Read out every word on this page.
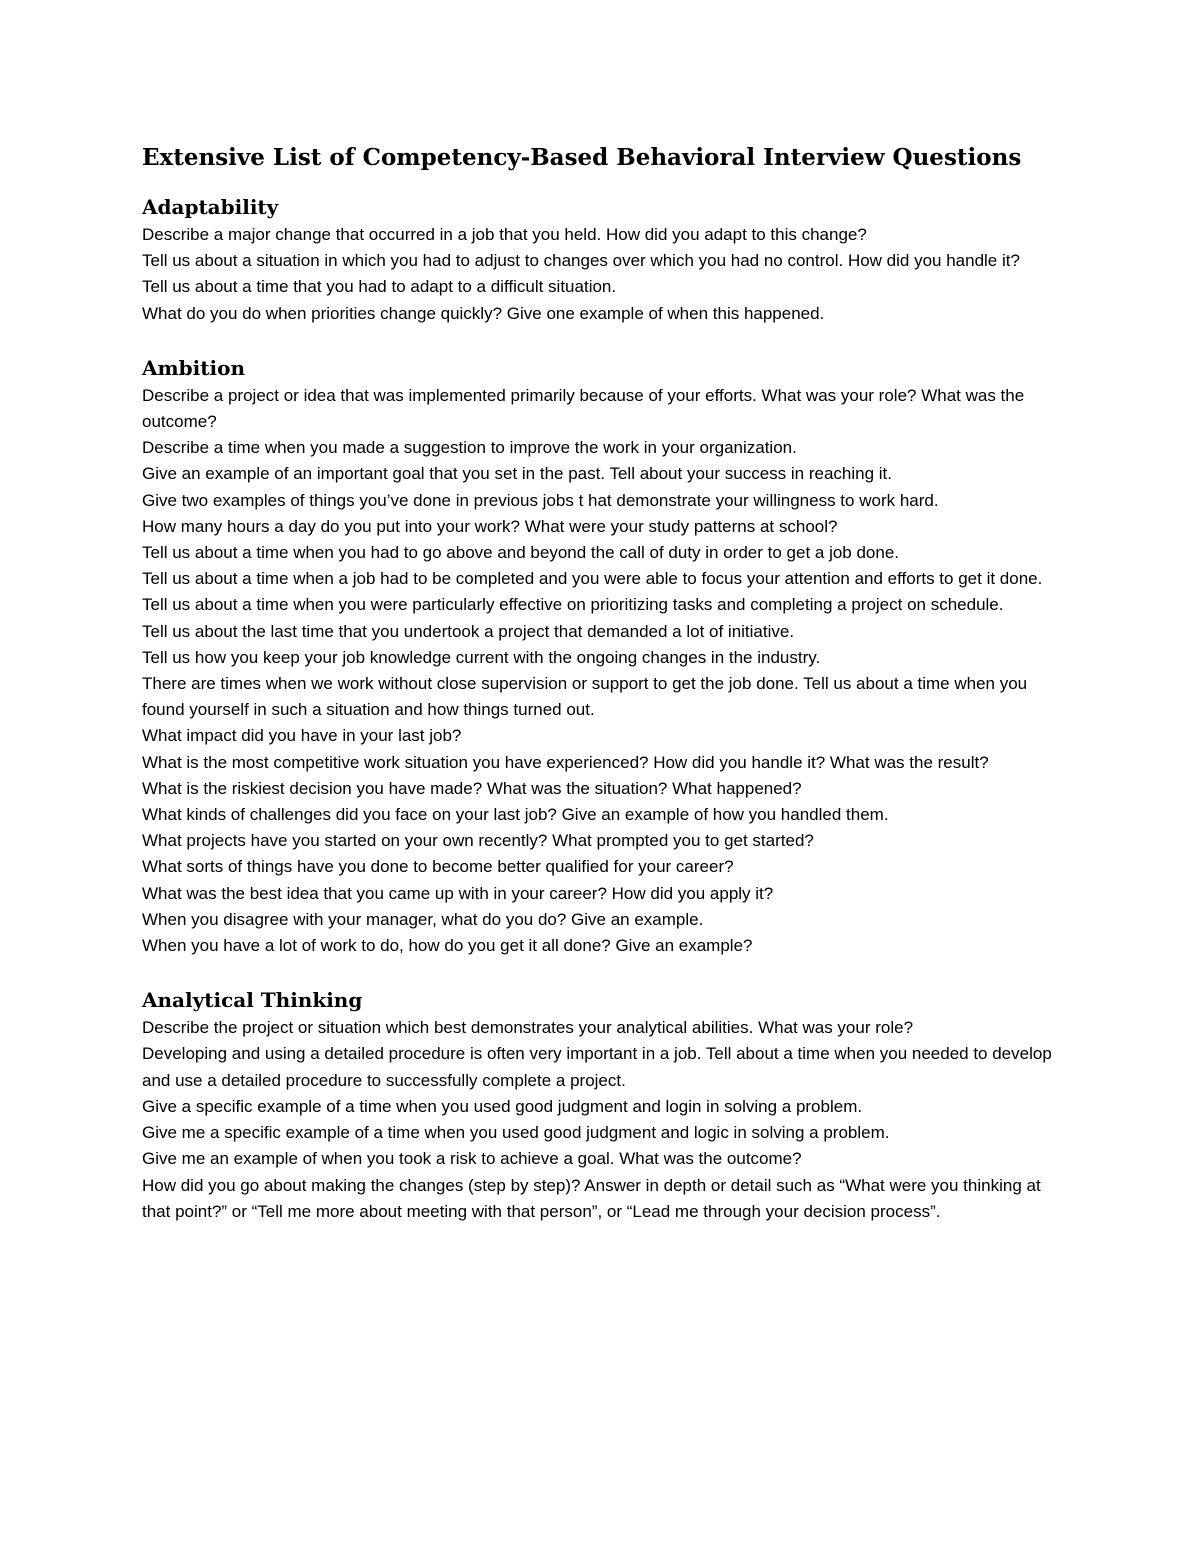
Extensive List of Competency-Based Behavioral Interview Questions
Adaptability
Describe a major change that occurred in a job that you held. How did you adapt to this change?
Tell us about a situation in which you had to adjust to changes over which you had no control. How did you handle it?
Tell us about a time that you had to adapt to a difficult situation.
What do you do when priorities change quickly? Give one example of when this happened.
Ambition
Describe a project or idea that was implemented primarily because of your efforts. What was your role? What was the outcome?
Describe a time when you made a suggestion to improve the work in your organization.
Give an example of an important goal that you set in the past. Tell about your success in reaching it.
Give two examples of things you’ve done in previous jobs t hat demonstrate your willingness to work hard.
How many hours a day do you put into your work? What were your study patterns at school?
Tell us about a time when you had to go above and beyond the call of duty in order to get a job done.
Tell us about a time when a job had to be completed and you were able to focus your attention and efforts to get it done.
Tell us about a time when you were particularly effective on prioritizing tasks and completing a project on schedule.
Tell us about the last time that you undertook a project that demanded a lot of initiative.
Tell us how you keep your job knowledge current with the ongoing changes in the industry.
There are times when we work without close supervision or support to get the job done. Tell us about a time when you found yourself in such a situation and how things turned out.
What impact did you have in your last job?
What is the most competitive work situation you have experienced? How did you handle it? What was the result?
What is the riskiest decision you have made? What was the situation? What happened?
What kinds of challenges did you face on your last job? Give an example of how you handled them.
What projects have you started on your own recently? What prompted you to get started?
What sorts of things have you done to become better qualified for your career?
What was the best idea that you came up with in your career? How did you apply it?
When you disagree with your manager, what do you do? Give an example.
When you have a lot of work to do, how do you get it all done? Give an example?
Analytical Thinking
Describe the project or situation which best demonstrates your analytical abilities. What was your role?
Developing and using a detailed procedure is often very important in a job. Tell about a time when you needed to develop and use a detailed procedure to successfully complete a project.
Give a specific example of a time when you used good judgment and login in solving a problem.
Give me a specific example of a time when you used good judgment and logic in solving a problem.
Give me an example of when you took a risk to achieve a goal. What was the outcome?
How did you go about making the changes (step by step)? Answer in depth or detail such as “What were you thinking at that point?” or “Tell me more about meeting with that person”, or “Lead me through your decision process”.
